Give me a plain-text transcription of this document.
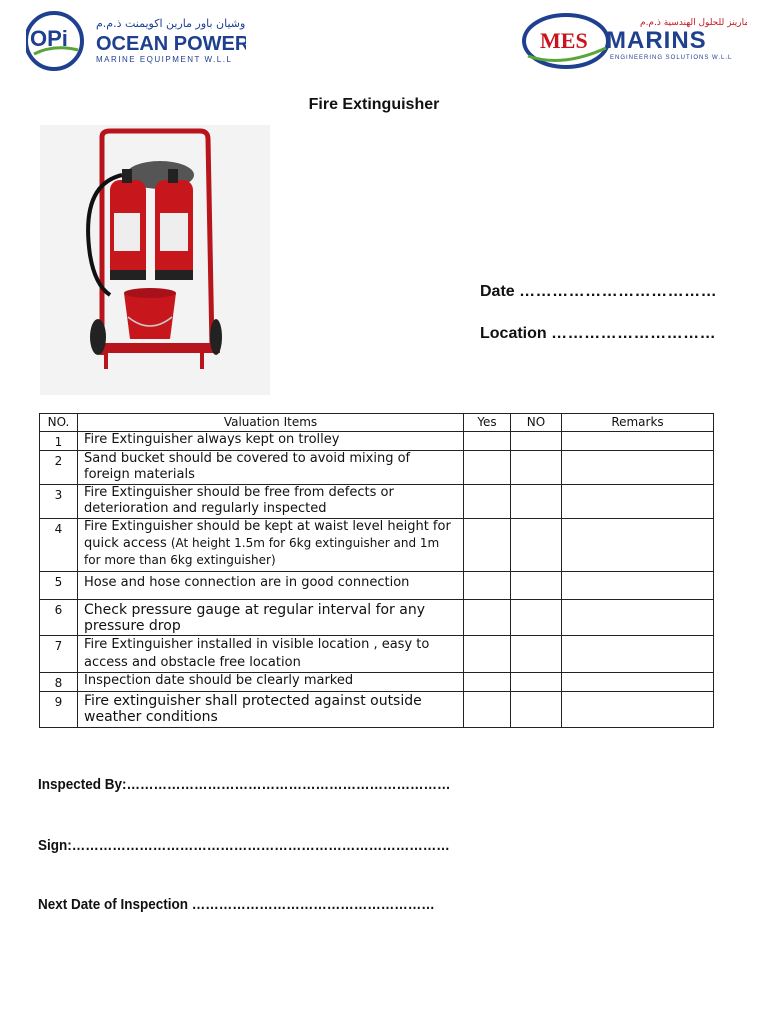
OPi
اوشيان باور مارين اكويمنت ذ.م.م
OCEAN POWER
MARINE EQUIPMENT W.L.L
مارينز للحلول الهندسية ذ.م.م
MES MARINS
ENGINEERING SOLUTIONS W.L.L
Fire Extinguisher
Date ………………………………
Location …………………………
NO.	Valuation Items	Yes	NO	Remarks
1	Fire Extinguisher always kept on trolley			
2	Sand bucket should be covered to avoid mixing of foreign materials			
3	Fire Extinguisher should be free from defects or deterioration and regularly inspected			
4	Fire Extinguisher should be kept at waist level height for quick access (At height 1.5m for 6kg extinguisher and 1m for more than 6kg extinguisher)			
5	Hose and hose connection are in good connection			
6	Check pressure gauge at regular interval for any pressure drop			
7	Fire Extinguisher installed in visible location , easy to access and obstacle free location			
8	Inspection date should be clearly marked			
9	Fire extinguisher shall protected against outside weather conditions			
Inspected By:………………………………………………………………
Sign:…………………………………………………………………………
Next Date of Inspection ………………………………………………
